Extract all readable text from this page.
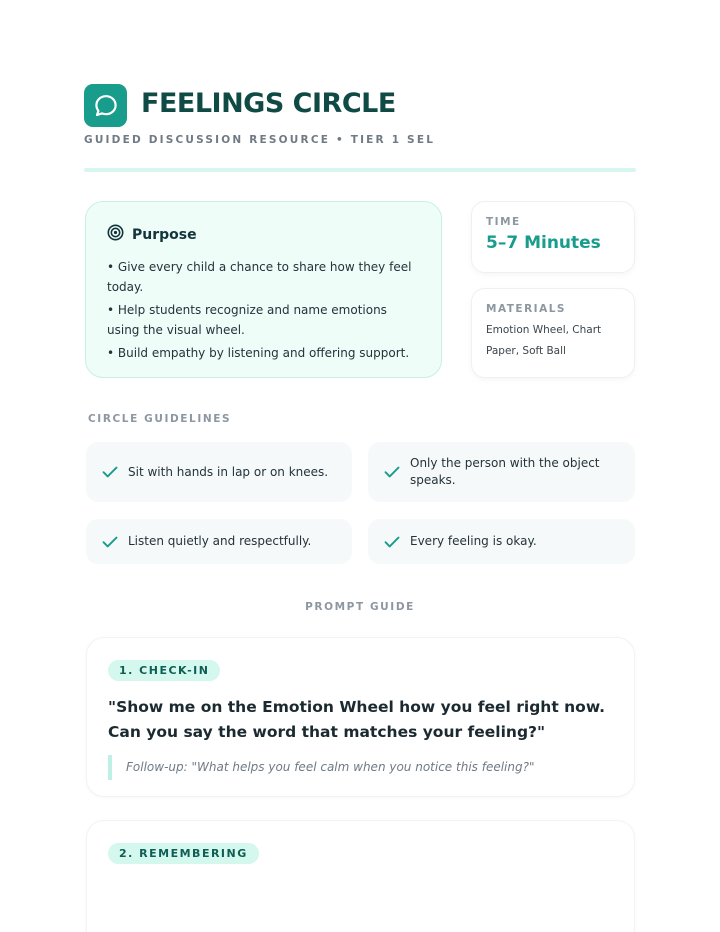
FEELINGS CIRCLE
GUIDED DISCUSSION RESOURCE • TIER 1 SEL
Purpose
• Give every child a chance to share how they feel today.
• Help students recognize and name emotions using the visual wheel.
• Build empathy by listening and offering support.
TIME
5–7 Minutes
MATERIALS
Emotion Wheel, Chart Paper, Soft Ball
CIRCLE GUIDELINES
Sit with hands in lap or on knees.
Only the person with the object speaks.
Listen quietly and respectfully.	Every feeling is okay.
PROMPT GUIDE
1. CHECK-IN
"Show me on the Emotion Wheel how you feel right now. Can you say the word that matches your feeling?"
Follow-up: "What helps you feel calm when you notice this feeling?"
2. REMEMBERING
